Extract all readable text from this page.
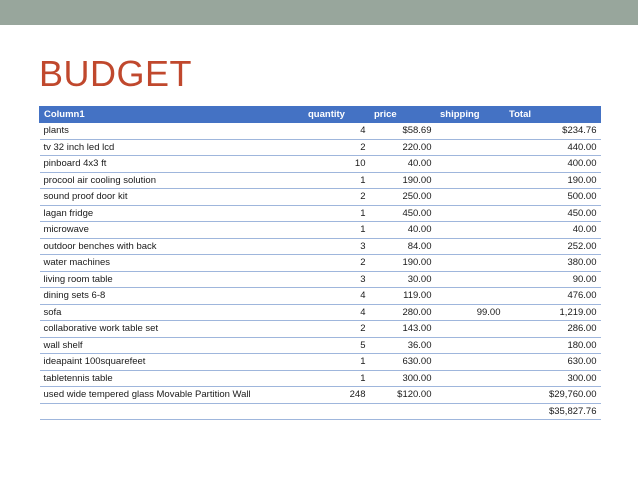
BUDGET
Column1	quantity	price	shipping	Total
plants	4	$58.69		$234.76
tv 32 inch led lcd	2	220.00		440.00
pinboard 4x3 ft	10	40.00		400.00
procool air cooling solution	1	190.00		190.00
sound proof door kit	2	250.00		500.00
lagan fridge	1	450.00		450.00
microwave	1	40.00		40.00
outdoor benches with back	3	84.00		252.00
water machines	2	190.00		380.00
living room table	3	30.00		90.00
dining sets 6-8	4	119.00		476.00
sofa	4	280.00	99.00	1,219.00
collaborative work table set	2	143.00		286.00
wall shelf	5	36.00		180.00
ideapaint 100squarefeet	1	630.00		630.00
tabletennis table	1	300.00		300.00
used wide tempered glass Movable Partition Wall	248	$120.00		$29,760.00
				$35,827.76
